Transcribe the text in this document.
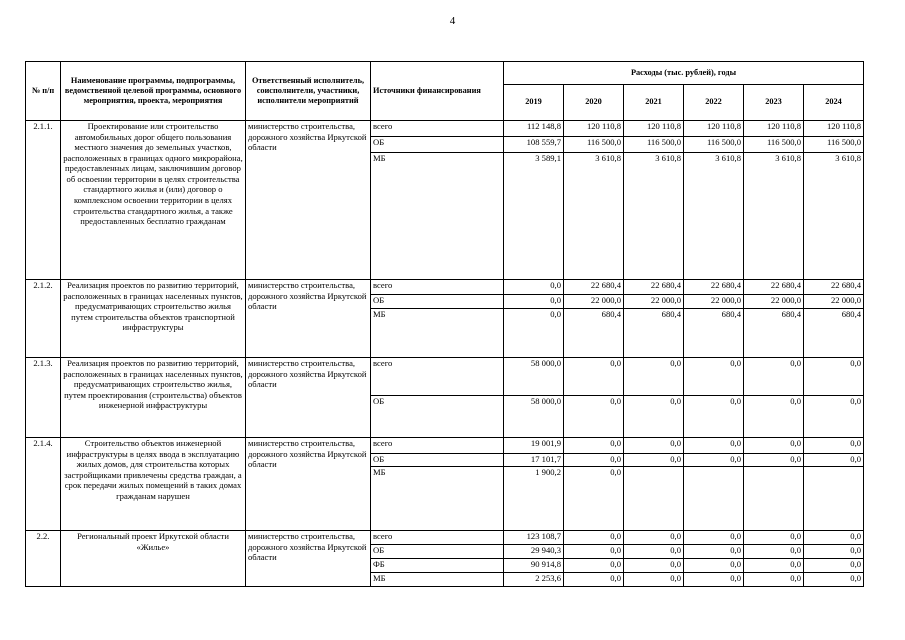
4
№ п/п	Наименование программы, подпрограммы, ведомственной целевой программы, основного мероприятия, проекта, мероприятия	Ответственный исполнитель, соисполнители, участники, исполнители мероприятий	Источники финансирования	Расходы (тыс. рублей), годы					
				2019	2020	2021	2022	2023	2024
2.1.1.	Проектирование или строительство автомобильных дорог общего пользования местного значения до земельных участков, расположенных в границах одного микрорайона, предоставленных лицам, заключившим договор об освоении территории в целях строительства стандартного жилья и (или) договор о комплексном освоении территории в целях строительства стандартного жилья, а также предоставленных бесплатно гражданам	министерство строительства, дорожного хозяйства Иркутской области	всего	112 148,8	120 110,8	120 110,8	120 110,8	120 110,8	120 110,8
			ОБ	108 559,7	116 500,0	116 500,0	116 500,0	116 500,0	116 500,0
			МБ	3 589,1	3 610,8	3 610,8	3 610,8	3 610,8	3 610,8
2.1.2.	Реализация проектов по развитию территорий, расположенных в границах населенных пунктов, предусматривающих строительство жилья путем строительства объектов транспортной инфраструктуры	министерство строительства, дорожного хозяйства Иркутской области	всего	0,0	22 680,4	22 680,4	22 680,4	22 680,4	22 680,4
			ОБ	0,0	22 000,0	22 000,0	22 000,0	22 000,0	22 000,0
			МБ	0,0	680,4	680,4	680,4	680,4	680,4
2.1.3.	Реализация проектов по развитию территорий, расположенных в границах населенных пунктов, предусматривающих строительство жилья, путем проектирования (строительства) объектов инженерной инфраструктуры	министерство строительства, дорожного хозяйства Иркутской области	всего	58 000,0	0,0	0,0	0,0	0,0	0,0
			ОБ	58 000,0	0,0	0,0	0,0	0,0	0,0
2.1.4.	Строительство объектов инженерной инфраструктуры в целях ввода в эксплуатацию жилых домов, для строительства которых застройщиками привлечены средства граждан, а срок передачи жилых помещений в таких домах гражданам нарушен	министерство строительства, дорожного хозяйства Иркутской области	всего	19 001,9	0,0	0,0	0,0	0,0	0,0
			ОБ	17 101,7	0,0	0,0	0,0	0,0	0,0
			МБ	1 900,2	0,0				
2.2.	Региональный проект Иркутской области «Жилье»	министерство строительства, дорожного хозяйства Иркутской области	всего	123 108,7	0,0	0,0	0,0	0,0	0,0
			ОБ	29 940,3	0,0	0,0	0,0	0,0	0,0
			ФБ	90 914,8	0,0	0,0	0,0	0,0	0,0
			МБ	2 253,6	0,0	0,0	0,0	0,0	0,0
